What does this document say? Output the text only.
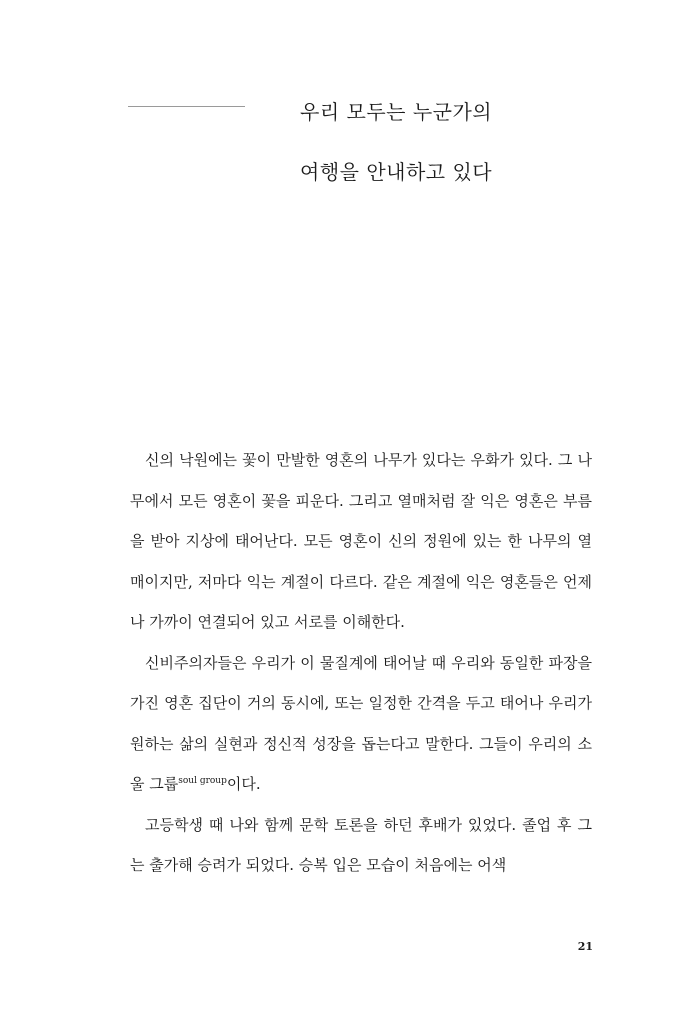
우리 모두는 누군가의
여행을 안내하고 있다

신의 낙원에는 꽃이 만발한 영혼의 나무가 있다는 우화가 있다. 그 나무에서 모든 영혼이 꽃을 피운다. 그리고 열매처럼 잘 익은 영혼은 부름을 받아 지상에 태어난다. 모든 영혼이 신의 정원에 있는 한 나무의 열매이지만, 저마다 익는 계절이 다르다. 같은 계절에 익은 영혼들은 언제나 가까이 연결되어 있고 서로를 이해한다.

신비주의자들은 우리가 이 물질계에 태어날 때 우리와 동일한 파장을 가진 영혼 집단이 거의 동시에, 또는 일정한 간격을 두고 태어나 우리가 원하는 삶의 실현과 정신적 성장을 돕는다고 말한다. 그들이 우리의 소울 그룹$^{soul group}$이다.

고등학생 때 나와 함께 문학 토론을 하던 후배가 있었다. 졸업 후 그는 출가해 승려가 되었다. 승복 입은 모습이 처음에는 어색

21
